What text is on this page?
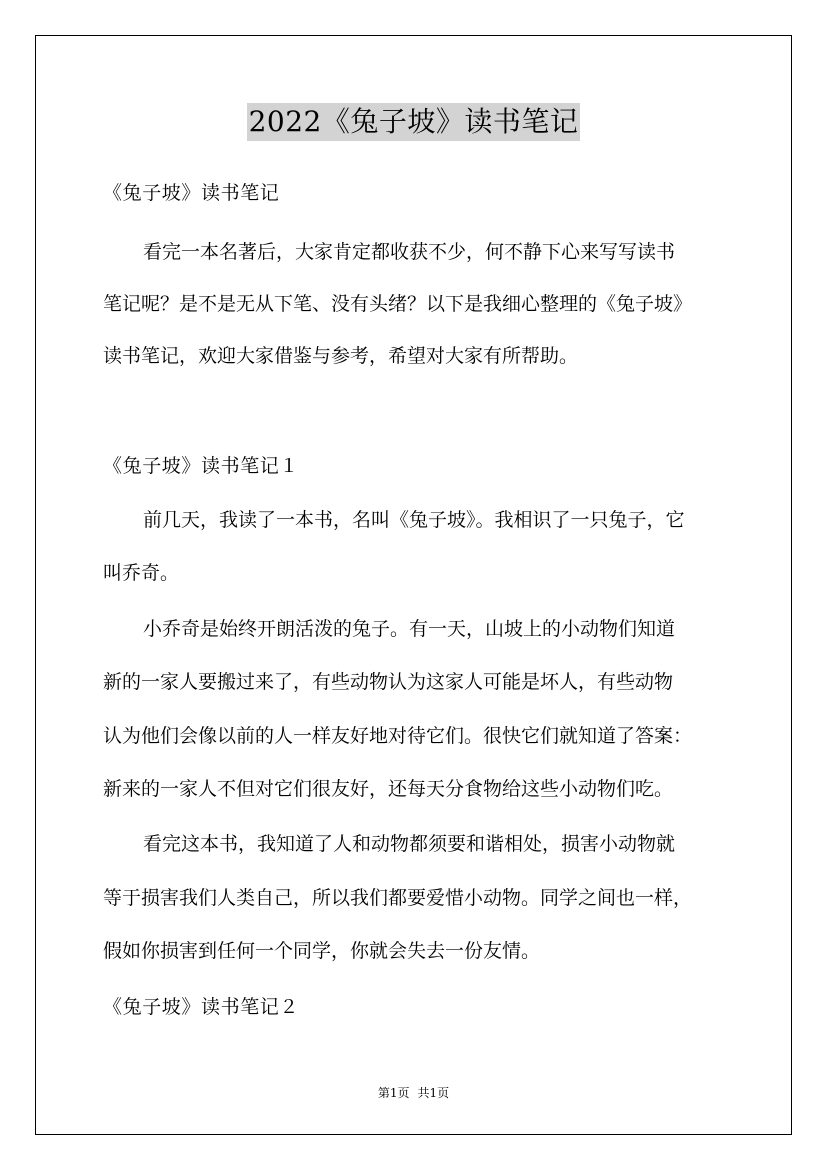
2022《兔子坡》读书笔记
《兔子坡》读书笔记
看完一本名著后，大家肯定都收获不少，何不静下心来写写读书
笔记呢？是不是无从下笔、没有头绪？以下是我细心整理的《兔子坡》
读书笔记，欢迎大家借鉴与参考，希望对大家有所帮助。
《兔子坡》读书笔记１
前几天，我读了一本书，名叫《兔子坡》。我相识了一只兔子，它
叫乔奇。
小乔奇是始终开朗活泼的兔子。有一天，山坡上的小动物们知道
新的一家人要搬过来了，有些动物认为这家人可能是坏人，有些动物
认为他们会像以前的人一样友好地对待它们。很快它们就知道了答案：
新来的一家人不但对它们很友好，还每天分食物给这些小动物们吃。
看完这本书，我知道了人和动物都须要和谐相处，损害小动物就
等于损害我们人类自己，所以我们都要爱惜小动物。同学之间也一样，
假如你损害到任何一个同学，你就会失去一份友情。
《兔子坡》读书笔记２
第1页 共1页
